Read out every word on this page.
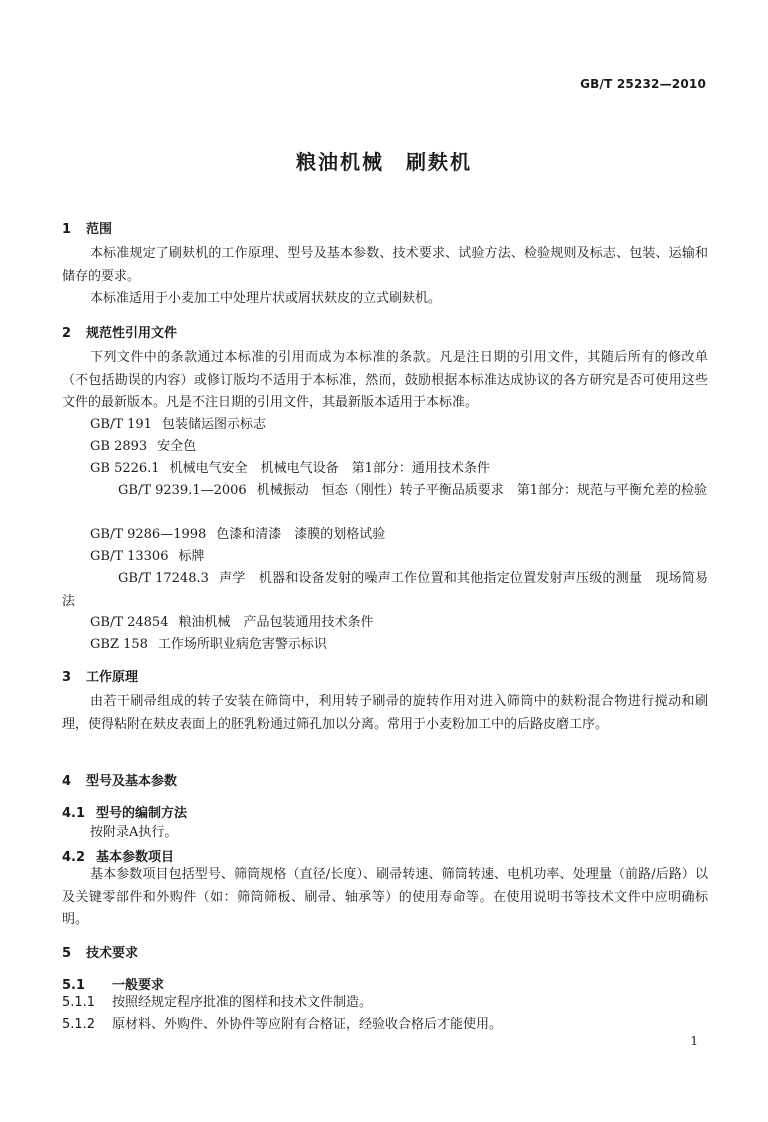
GB/T 25232—2010
粮油机械　刷麸机
1 范围
本标准规定了刷麸机的工作原理、型号及基本参数、技术要求、试验方法、检验规则及标志、包装、运输和储存的要求。
本标准适用于小麦加工中处理片状或屑状麸皮的立式刷麸机。
2 规范性引用文件
下列文件中的条款通过本标准的引用而成为本标准的条款。凡是注日期的引用文件，其随后所有的修改单（不包括勘误的内容）或修订版均不适用于本标准，然而，鼓励根据本标准达成协议的各方研究是否可使用这些文件的最新版本。凡是不注日期的引用文件，其最新版本适用于本标准。
GB/T 191 包装储运图示标志
GB 2893 安全色
GB 5226.1 机械电气安全　机械电气设备　第1部分：通用技术条件
GB/T 9239.1—2006 机械振动　恒态（刚性）转子平衡品质要求　第1部分：规范与平衡允差的检验
GB/T 9286—1998 色漆和清漆　漆膜的划格试验
GB/T 13306 标牌
GB/T 17248.3 声学　机器和设备发射的噪声工作位置和其他指定位置发射声压级的测量　现场简易法
GB/T 24854 粮油机械　产品包装通用技术条件
GBZ 158 工作场所职业病危害警示标识
3 工作原理
由若干刷帚组成的转子安装在筛筒中，利用转子刷帚的旋转作用对进入筛筒中的麸粉混合物进行搅动和刷理，使得粘附在麸皮表面上的胚乳粉通过筛孔加以分离。常用于小麦粉加工中的后路皮磨工序。
4 型号及基本参数
4.1 型号的编制方法
按附录A执行。
4.2 基本参数项目
基本参数项目包括型号、筛筒规格（直径/长度）、刷帚转速、筛筒转速、电机功率、处理量（前路/后路）以及关键零部件和外购件（如：筛筒筛板、刷帚、轴承等）的使用寿命等。在使用说明书等技术文件中应明确标明。
5 技术要求
5.1 一般要求
5.1.1 按照经规定程序批准的图样和技术文件制造。
5.1.2 原材料、外购件、外协件等应附有合格证，经验收合格后才能使用。
1
